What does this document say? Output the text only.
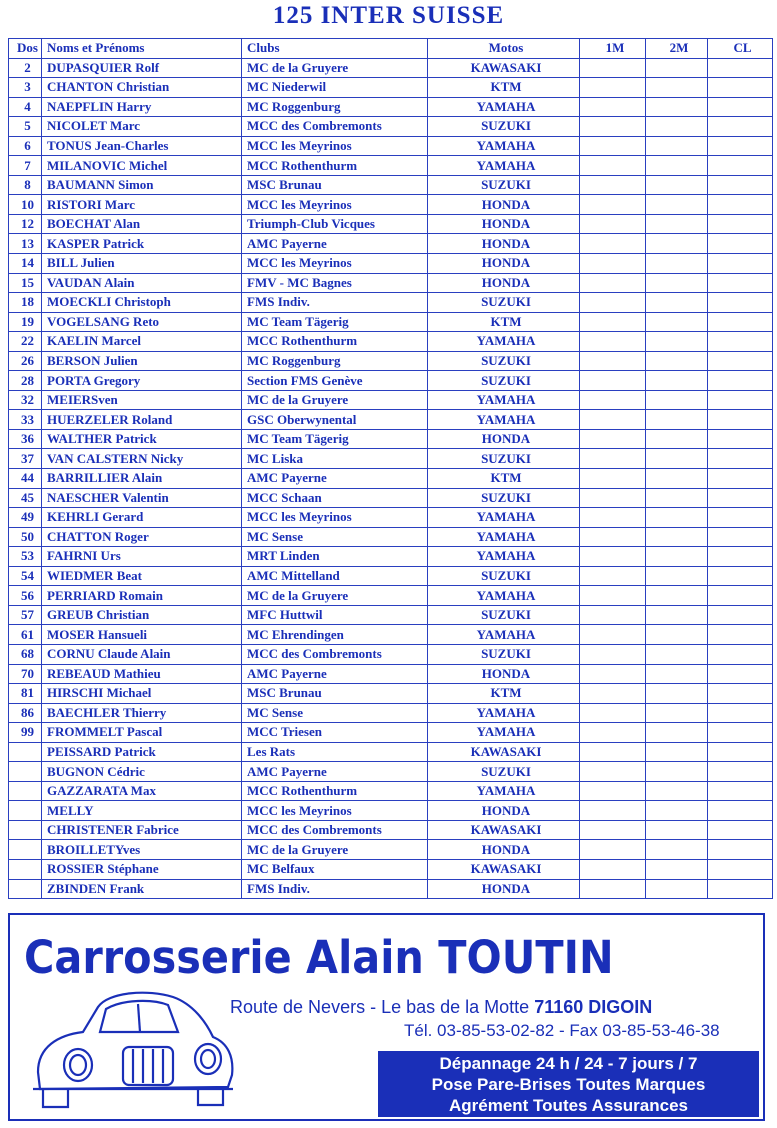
125 INTER SUISSE
Dos	Noms et Prénoms	Clubs	Motos	1M	2M	CL
2	DUPASQUIER Rolf	MC de la Gruyere	KAWASAKI			
3	CHANTON Christian	MC Niederwil	KTM			
4	NAEPFLIN Harry	MC Roggenburg	YAMAHA			
5	NICOLET Marc	MCC des Combremonts	SUZUKI			
6	TONUS Jean-Charles	MCC les Meyrinos	YAMAHA			
7	MILANOVIC Michel	MCC Rothenthurm	YAMAHA			
8	BAUMANN Simon	MSC Brunau	SUZUKI			
10	RISTORI Marc	MCC les Meyrinos	HONDA			
12	BOECHAT Alan	Triumph-Club Vicques	HONDA			
13	KASPER Patrick	AMC Payerne	HONDA			
14	BILL Julien	MCC les Meyrinos	HONDA			
15	VAUDAN Alain	FMV - MC Bagnes	HONDA			
18	MOECKLI Christoph	FMS Indiv.	SUZUKI			
19	VOGELSANG Reto	MC Team Tägerig	KTM			
22	KAELIN Marcel	MCC Rothenthurm	YAMAHA			
26	BERSON Julien	MC Roggenburg	SUZUKI			
28	PORTA Gregory	Section FMS Genève	SUZUKI			
32	MEIERSven	MC de la Gruyere	YAMAHA			
33	HUERZELER Roland	GSC Oberwynental	YAMAHA			
36	WALTHER Patrick	MC Team Tägerig	HONDA			
37	VAN CALSTERN Nicky	MC Liska	SUZUKI			
44	BARRILLIER Alain	AMC Payerne	KTM			
45	NAESCHER Valentin	MCC Schaan	SUZUKI			
49	KEHRLI Gerard	MCC les Meyrinos	YAMAHA			
50	CHATTON Roger	MC Sense	YAMAHA			
53	FAHRNI Urs	MRT Linden	YAMAHA			
54	WIEDMER Beat	AMC Mittelland	SUZUKI			
56	PERRIARD Romain	MC de la Gruyere	YAMAHA			
57	GREUB Christian	MFC Huttwil	SUZUKI			
61	MOSER Hansueli	MC Ehrendingen	YAMAHA			
68	CORNU Claude Alain	MCC des Combremonts	SUZUKI			
70	REBEAUD Mathieu	AMC Payerne	HONDA			
81	HIRSCHI Michael	MSC Brunau	KTM			
86	BAECHLER Thierry	MC Sense	YAMAHA			
99	FROMMELT Pascal	MCC Triesen	YAMAHA			
	PEISSARD Patrick	Les Rats	KAWASAKI			
	BUGNON Cédric	AMC Payerne	SUZUKI			
	GAZZARATA Max	MCC Rothenthurm	YAMAHA			
	MELLY	MCC les Meyrinos	HONDA			
	CHRISTENER Fabrice	MCC des Combremonts	KAWASAKI			
	BROILLETYves	MC de la Gruyere	HONDA			
	ROSSIER Stéphane	MC Belfaux	KAWASAKI			
	ZBINDEN Frank	FMS Indiv.	HONDA			
Carrosserie Alain TOUTIN
Route de Nevers - Le bas de la Motte 71160 DIGOIN
Tél. 03-85-53-02-82 - Fax 03-85-53-46-38
Dépannage 24 h / 24 - 7 jours / 7
Pose Pare-Brises Toutes Marques
Agrément Toutes Assurances
